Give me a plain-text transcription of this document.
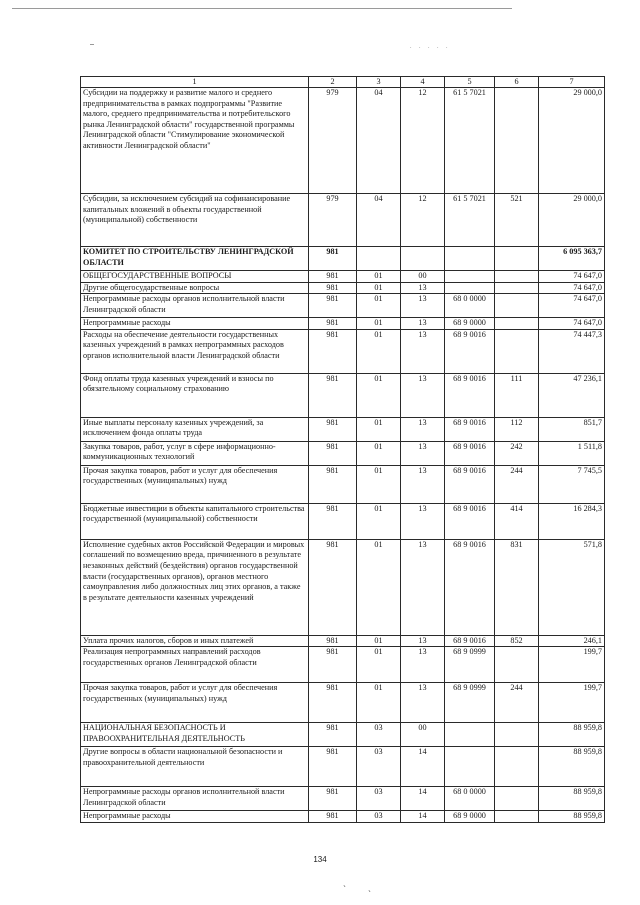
. . . . .
1	2	3	4	5	6	7
Субсидии на поддержку и развитие малого и среднего предпринимательства в рамках подпрограммы "Развитие малого, среднего предпринимательства и потребительского рынка Ленинградской области" государственной программы Ленинградской области "Стимулирование экономической активности Ленинградской области"	979	04	12	61 5 7021		29 000,0
Субсидии, за исключением субсидий на софинансирование капитальных вложений в объекты государственной (муниципальной) собственности	979	04	12	61 5 7021	521	29 000,0
КОМИТЕТ ПО СТРОИТЕЛЬСТВУ ЛЕНИНГРАДСКОЙ ОБЛАСТИ	981					6 095 363,7
ОБЩЕГОСУДАРСТВЕННЫЕ ВОПРОСЫ	981	01	00			74 647,0
Другие общегосударственные вопросы	981	01	13			74 647,0
Непрограммные расходы органов исполнительной власти Ленинградской области	981	01	13	68 0 0000		74 647,0
Непрограммные расходы	981	01	13	68 9 0000		74 647,0
Расходы на обеспечение деятельности государственных казенных учреждений в рамках непрограммных расходов органов исполнительной власти Ленинградской области	981	01	13	68 9 0016		74 447,3
Фонд оплаты труда казенных учреждений и взносы по обязательному социальному страхованию	981	01	13	68 9 0016	111	47 236,1
Иные выплаты персоналу казенных учреждений, за исключением фонда оплаты труда	981	01	13	68 9 0016	112	851,7
Закупка товаров, работ, услуг в сфере информационно-коммуникационных технологий	981	01	13	68 9 0016	242	1 511,8
Прочая закупка товаров, работ и услуг для обеспечения государственных (муниципальных) нужд	981	01	13	68 9 0016	244	7 745,5
Бюджетные инвестиции в объекты капитального строительства государственной (муниципальной) собственности	981	01	13	68 9 0016	414	16 284,3
Исполнение судебных актов Российской Федерации и мировых соглашений по возмещению вреда, причиненного в результате незаконных действий (бездействия) органов государственной власти (государственных органов), органов местного самоуправления либо должностных лиц этих органов, а также в результате деятельности казенных учреждений	981	01	13	68 9 0016	831	571,8
Уплата прочих налогов, сборов и иных платежей	981	01	13	68 9 0016	852	246,1
Реализация непрограммных направлений расходов государственных органов Ленинградской области	981	01	13	68 9 0999		199,7
Прочая закупка товаров, работ и услуг для обеспечения государственных (муниципальных) нужд	981	01	13	68 9 0999	244	199,7
НАЦИОНАЛЬНАЯ БЕЗОПАСНОСТЬ И ПРАВООХРАНИТЕЛЬНАЯ ДЕЯТЕЛЬНОСТЬ	981	03	00			88 959,8
Другие вопросы в области национальной безопасности и правоохранительной деятельности	981	03	14			88 959,8
Непрограммные расходы органов исполнительной власти Ленинградской области	981	03	14	68 0 0000		88 959,8
Непрограммные расходы	981	03	14	68 9 0000		88 959,8
134
` `
